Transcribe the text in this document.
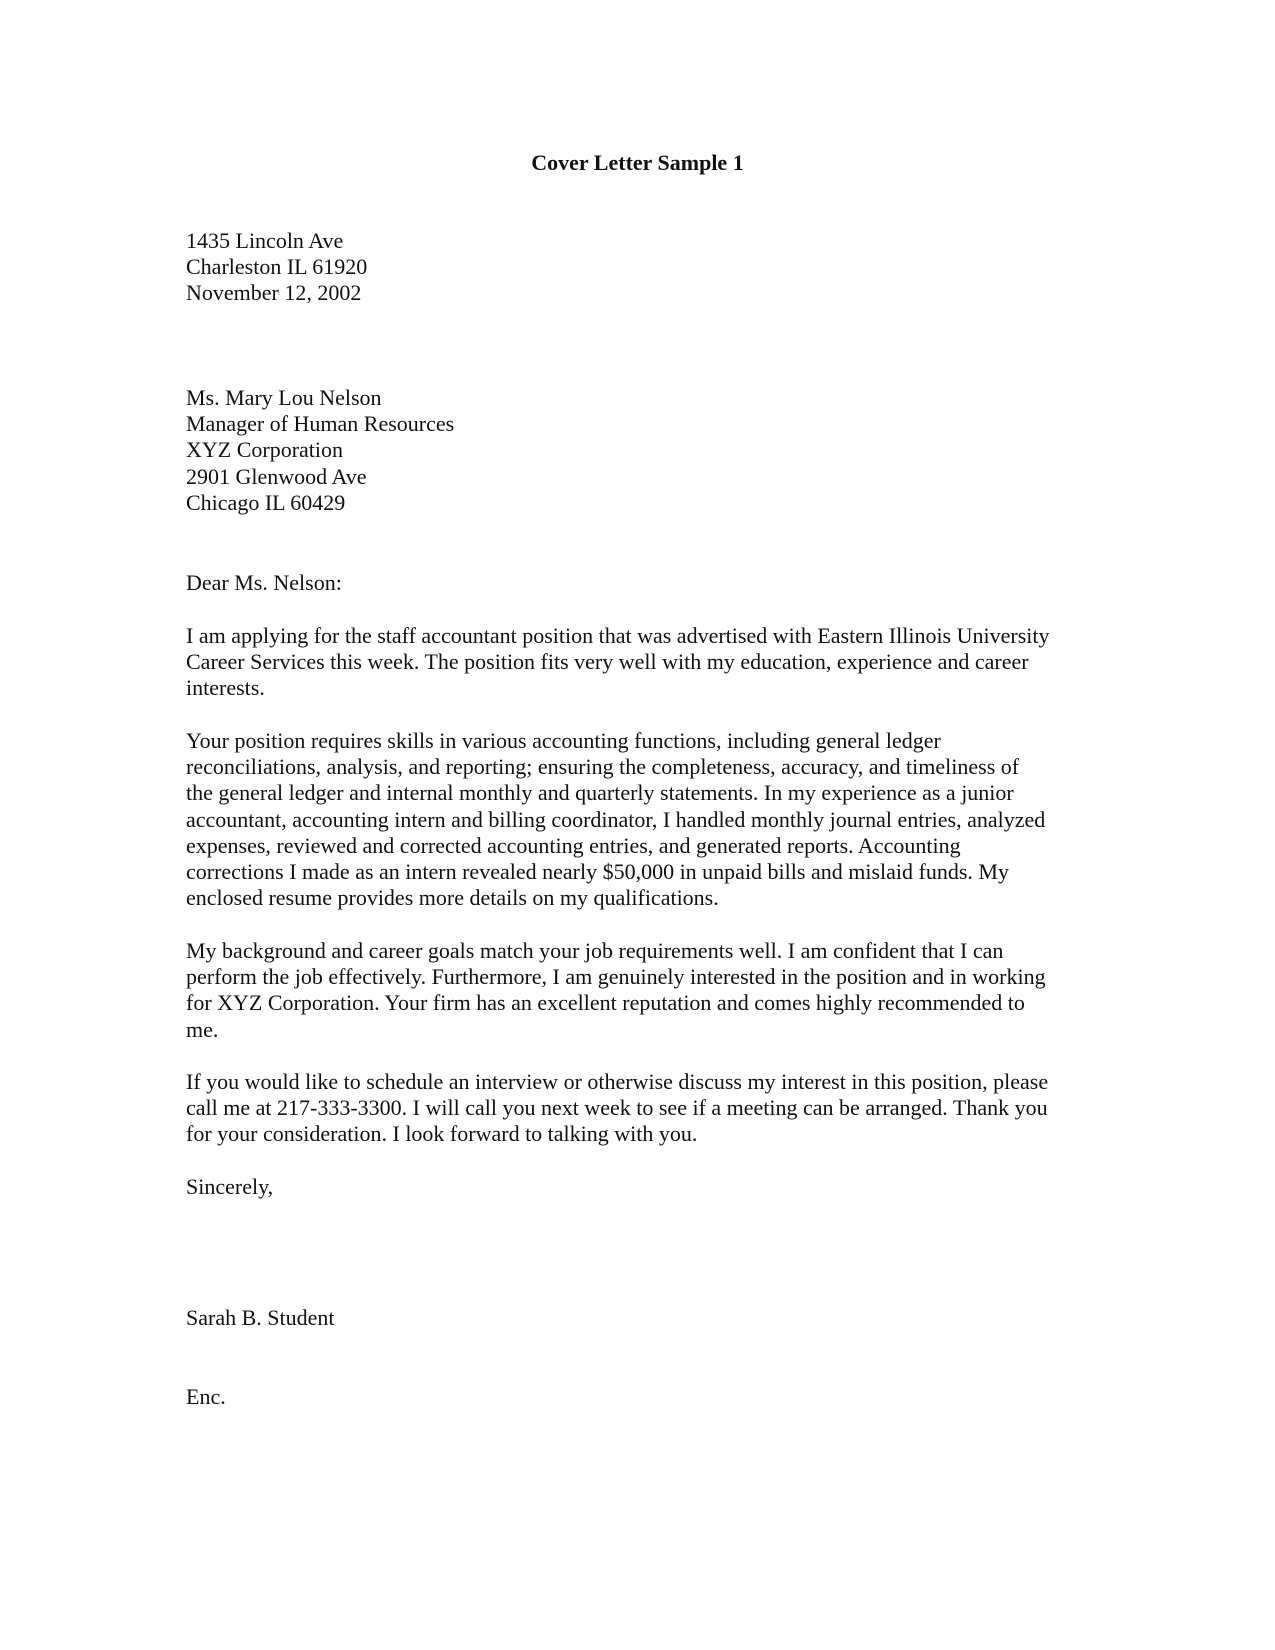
Cover Letter Sample 1
1435 Lincoln Ave
Charleston IL 61920
November 12, 2002
Ms. Mary Lou Nelson
Manager of Human Resources
XYZ Corporation
2901 Glenwood Ave
Chicago IL 60429
Dear Ms. Nelson:
I am applying for the staff accountant position that was advertised with Eastern Illinois University
Career Services this week. The position fits very well with my education, experience and career
interests.
Your position requires skills in various accounting functions, including general ledger
reconciliations, analysis, and reporting; ensuring the completeness, accuracy, and timeliness of
the general ledger and internal monthly and quarterly statements. In my experience as a junior
accountant, accounting intern and billing coordinator, I handled monthly journal entries, analyzed
expenses, reviewed and corrected accounting entries, and generated reports. Accounting
corrections I made as an intern revealed nearly $50,000 in unpaid bills and mislaid funds. My
enclosed resume provides more details on my qualifications.
My background and career goals match your job requirements well. I am confident that I can
perform the job effectively. Furthermore, I am genuinely interested in the position and in working
for XYZ Corporation. Your firm has an excellent reputation and comes highly recommended to
me.
If you would like to schedule an interview or otherwise discuss my interest in this position, please
call me at 217-333-3300. I will call you next week to see if a meeting can be arranged. Thank you
for your consideration. I look forward to talking with you.
Sincerely,
Sarah B. Student
Enc.
